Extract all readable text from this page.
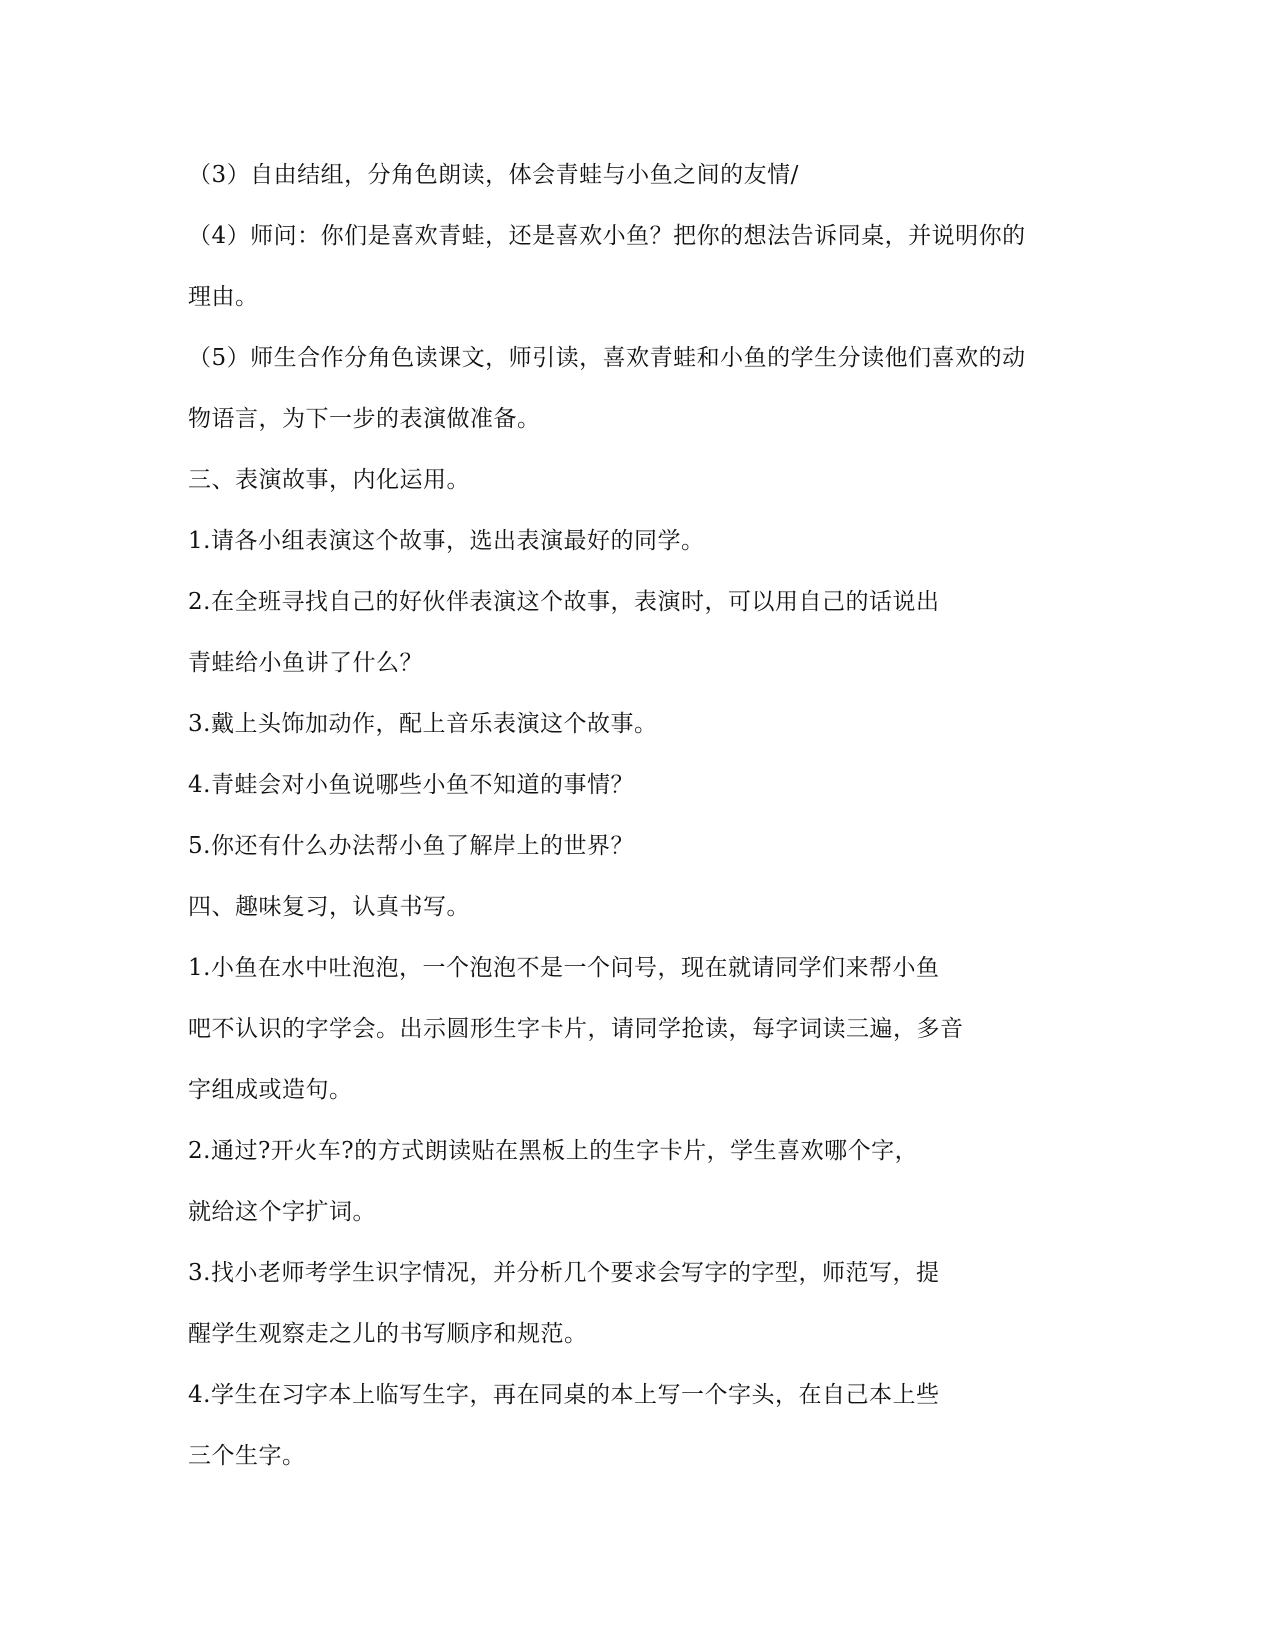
（3）自由结组，分角色朗读，体会青蛙与小鱼之间的友情/
（4）师问：你们是喜欢青蛙，还是喜欢小鱼？把你的想法告诉同桌，并说明你的
理由。
（5）师生合作分角色读课文，师引读，喜欢青蛙和小鱼的学生分读他们喜欢的动
物语言，为下一步的表演做准备。
三、表演故事，内化运用。
1.请各小组表演这个故事，选出表演最好的同学。
2.在全班寻找自己的好伙伴表演这个故事，表演时，可以用自己的话说出
青蛙给小鱼讲了什么？
3.戴上头饰加动作，配上音乐表演这个故事。
4.青蛙会对小鱼说哪些小鱼不知道的事情？
5.你还有什么办法帮小鱼了解岸上的世界？
四、趣味复习，认真书写。
1.小鱼在水中吐泡泡，一个泡泡不是一个问号，现在就请同学们来帮小鱼
吧不认识的字学会。出示圆形生字卡片，请同学抢读，每字词读三遍，多音
字组成或造句。
2.通过?开火车?的方式朗读贴在黑板上的生字卡片，学生喜欢哪个字，
就给这个字扩词。
3.找小老师考学生识字情况，并分析几个要求会写字的字型，师范写，提
醒学生观察走之儿的书写顺序和规范。
4.学生在习字本上临写生字，再在同桌的本上写一个字头，在自己本上些
三个生字。
